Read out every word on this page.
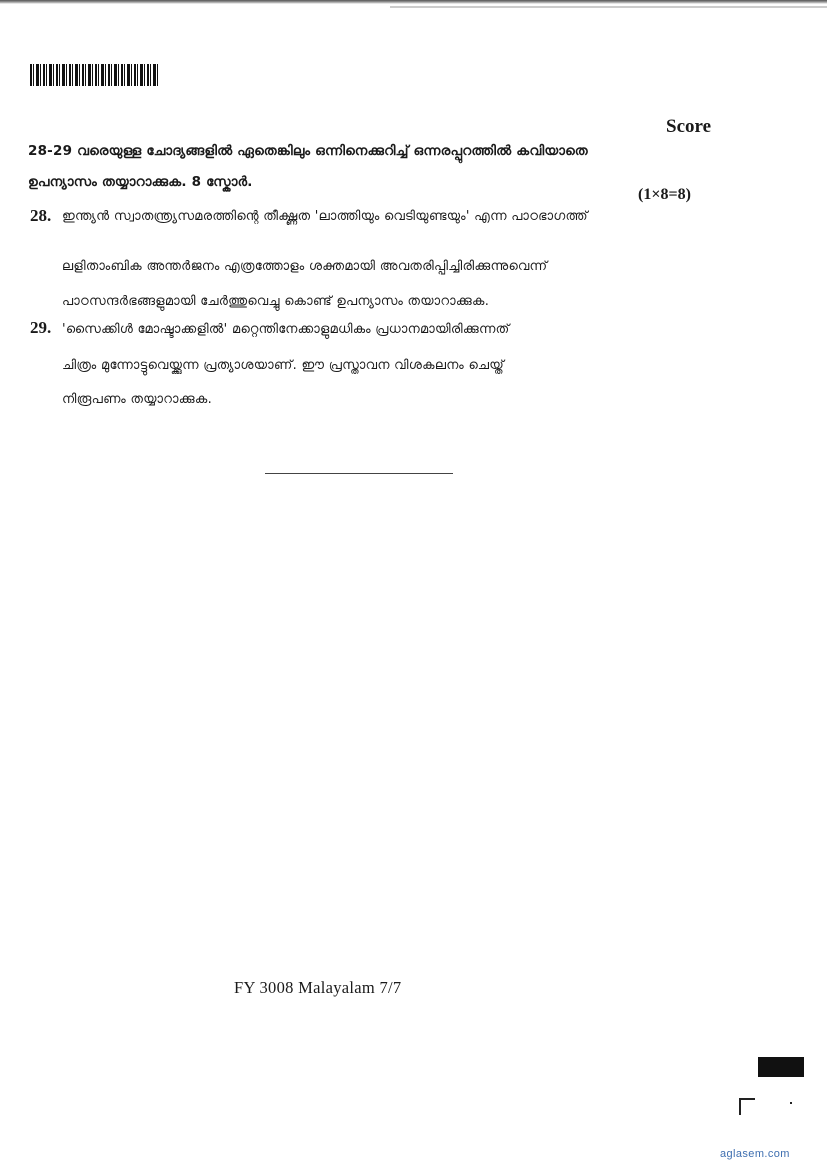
Score
28-29 വരെയുള്ള ചോദ്യങ്ങളിൽ ഏതെങ്കിലും ഒന്നിനെക്കുറിച്ച് ഒന്നരപ്പുറത്തിൽ കവിയാതെ
ഉപന്യാസം തയ്യാറാക്കുക. 8 സ്കോർ.
(1×8=8)
28. ഇന്ത്യൻ സ്വാതന്ത്ര്യസമരത്തിന്റെ തീക്ഷ്ണത 'ലാത്തിയും വെടിയുണ്ടയും' എന്ന പാഠഭാഗത്ത്
ലളിതാംബിക അന്തർജനം എത്രത്തോളം ശക്തമായി അവതരിപ്പിച്ചിരിക്കുന്നുവെന്ന്
പാഠസന്ദർഭങ്ങളുമായി ചേർത്തുവെച്ചു കൊണ്ട് ഉപന്യാസം തയാറാക്കുക.
29. 'സൈക്കിൾ മോഷ്ടാക്കളിൽ' മറ്റെന്തിനേക്കാളുമധികം പ്രധാനമായിരിക്കുന്നത്
ചിത്രം മുന്നോട്ടുവെയ്ക്കുന്ന പ്രത്യാശയാണ്. ഈ പ്രസ്താവന വിശകലനം ചെയ്ത്
നിരൂപണം തയ്യാറാക്കുക.
FY 3008 Malayalam 7/7
aglasem.com
